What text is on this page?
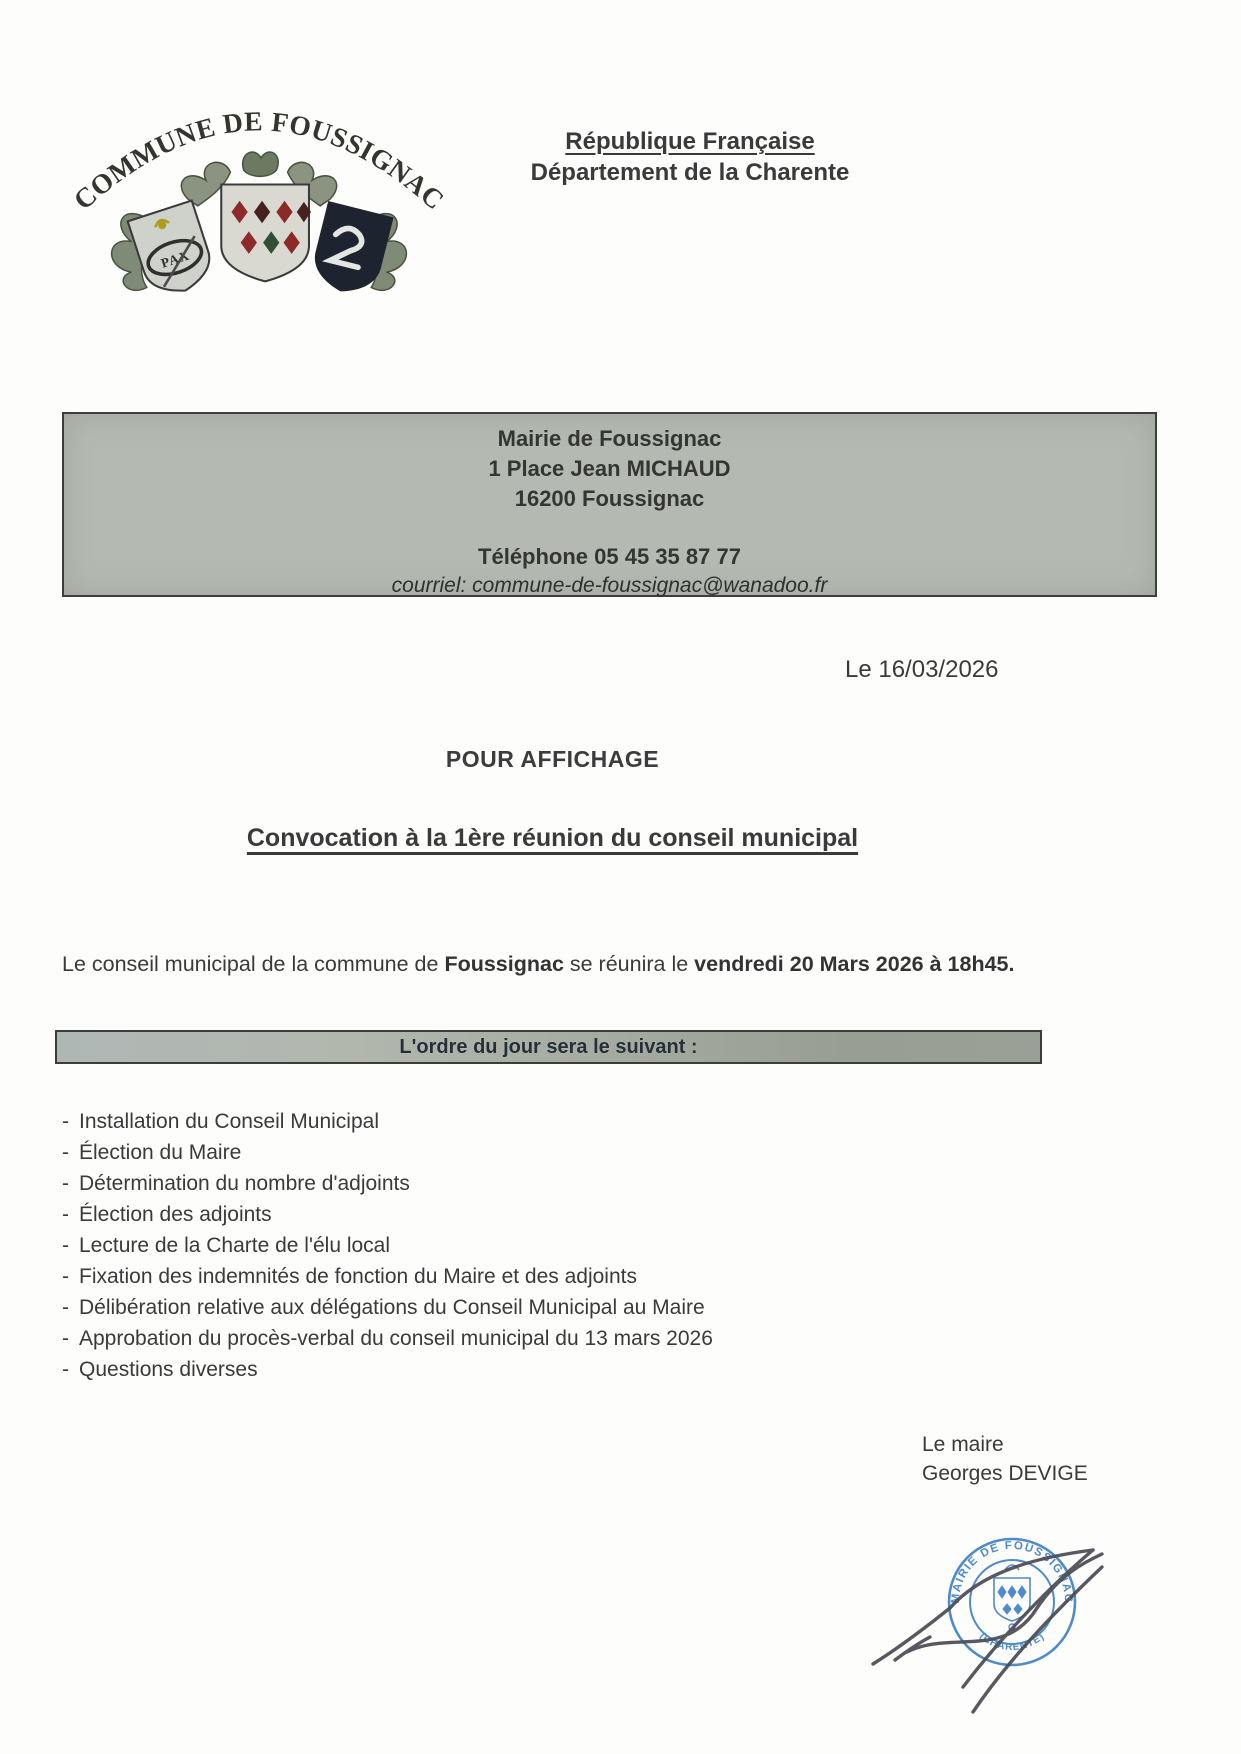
COMMUNE DE FOUSSIGNAC
PAX
République Française
Département de la Charente
Mairie de Foussignac
1 Place Jean MICHAUD
16200 Foussignac
Téléphone 05 45 35 87 77
courriel: commune-de-foussignac@wanadoo.fr
Le 16/03/2026
POUR AFFICHAGE
Convocation à la 1ère réunion du conseil municipal
Le conseil municipal de la commune de Foussignac se réunira le vendredi 20 Mars 2026 à 18h45.
L'ordre du jour sera le suivant :
- Installation du Conseil Municipal
- Élection du Maire
- Détermination du nombre d'adjoints
- Élection des adjoints
- Lecture de la Charte de l'élu local
- Fixation des indemnités de fonction du Maire et des adjoints
- Délibération relative aux délégations du Conseil Municipal au Maire
- Approbation du procès-verbal du conseil municipal du 13 mars 2026
- Questions diverses
Le maire
Georges DEVIGE
MAIRIE DE FOUSSIGNAC
(CHARENTE)
